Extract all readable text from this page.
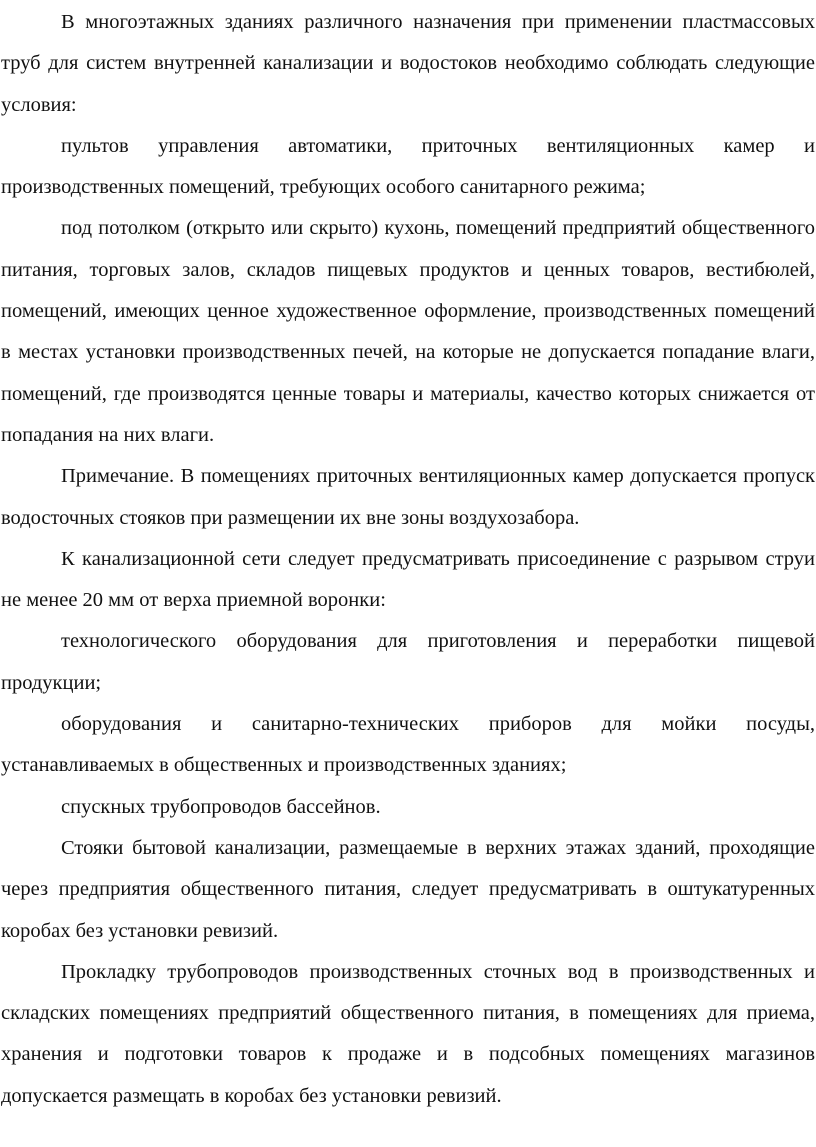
В многоэтажных зданиях различного назначения при применении пластмассовых труб для систем внутренней канализации и водостоков необходимо соблюдать следующие условия:

пультов управления автоматики, приточных вентиляционных камер и производственных помещений, требующих особого санитарного режима;

под потолком (открыто или скрыто) кухонь, помещений предприятий общественного питания, торговых залов, складов пищевых продуктов и ценных товаров, вестибюлей, помещений, имеющих ценное художественное оформление, производственных помещений в местах установки производственных печей, на которые не допускается попадание влаги, помещений, где производятся ценные товары и материалы, качество которых снижается от попадания на них влаги.

Примечание. В помещениях приточных вентиляционных камер допускается пропуск водосточных стояков при размещении их вне зоны воздухозабора.

К канализационной сети следует предусматривать присоединение с разрывом струи не менее 20 мм от верха приемной воронки:

технологического оборудования для приготовления и переработки пищевой продукции;

оборудования и санитарно-технических приборов для мойки посуды, устанавливаемых в общественных и производственных зданиях;

спускных трубопроводов бассейнов.

Стояки бытовой канализации, размещаемые в верхних этажах зданий, проходящие через предприятия общественного питания, следует предусматривать в оштукатуренных коробах без установки ревизий.

Прокладку трубопроводов производственных сточных вод в производственных и складских помещениях предприятий общественного питания, в помещениях для приема, хранения и подготовки товаров к продаже и в подсобных помещениях магазинов допускается размещать в коробах без установки ревизий.
